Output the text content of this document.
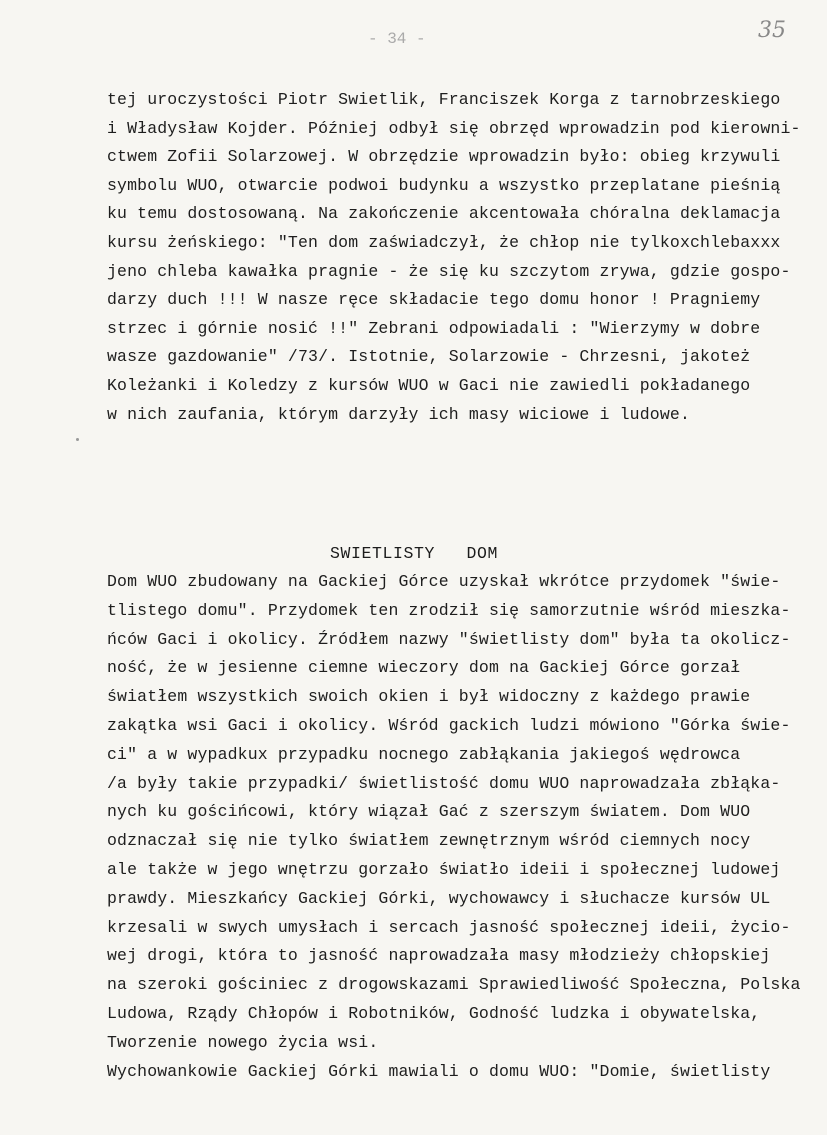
- 34 -	35
tej uroczystości Piotr Swietlik, Franciszek Korga z tarnobrzeskiego
i Władysław Kojder. Później odbył się obrzęd wprowadzin pod kierowni-
ctwem Zofii Solarzowej. W obrzędzie wprowadzin było: obieg krzywuli
symbolu WUO, otwarcie podwoi budynku a wszystko przeplatane pieśnią
ku temu dostosowaną. Na zakończenie akcentowała chóralna deklamacja
kursu żeńskiego: "Ten dom zaświadczył, że chłop nie tylkoxchlebaxxx
jeno chleba kawałka pragnie - że się ku szczytom zrywa, gdzie gospo-
darzy duch !!! W nasze ręce składacie tego domu honor ! Pragniemy
strzec i górnie nosić !!" Zebrani odpowiadali : "Wierzymy w dobre
wasze gazdowanie" /73/. Istotnie, Solarzowie - Chrzesni, jakoteż
Koleżanki i Koledzy z kursów WUO w Gaci nie zawiedli pokładanego
w nich zaufania, którym darzyły ich masy wiciowe i ludowe.
SWIETLISTY   DOM
Dom WUO zbudowany na Gackiej Górce uzyskał wkrótce przydomek "świe-
tlistego domu". Przydomek ten zrodził się samorzutnie wśród mieszka-
ńców Gaci i okolicy. Źródłem nazwy "świetlisty dom" była ta okolicz-
ność, że w jesienne ciemne wieczory dom na Gackiej Górce gorzał
światłem wszystkich swoich okien i był widoczny z każdego prawie
zakątka wsi Gaci i okolicy. Wśród gackich ludzi mówiono "Górka świe-
ci" a w wypadkux przypadku nocnego zabłąkania jakiegoś wędrowca
/a były takie przypadki/ świetlistość domu WUO naprowadzała zbłąka-
nych ku gościńcowi, który wiązał Gać z szerszym światem. Dom WUO
odznaczał się nie tylko światłem zewnętrznym wśród ciemnych nocy
ale także w jego wnętrzu gorzało światło ideii i społecznej ludowej
prawdy. Mieszkańcy Gackiej Górki, wychowawcy i słuchacze kursów UL
krzesali w swych umysłach i sercach jasność społecznej ideii, życio-
wej drogi, która to jasność naprowadzała masy młodzieży chłopskiej
na szeroki gościniec z drogowskazami Sprawiedliwość Społeczna, Polska
Ludowa, Rządy Chłopów i Robotników, Godność ludzka i obywatelska,
Tworzenie nowego życia wsi.
Wychowankowie Gackiej Górki mawiali o domu WUO: "Domie, świetlisty
